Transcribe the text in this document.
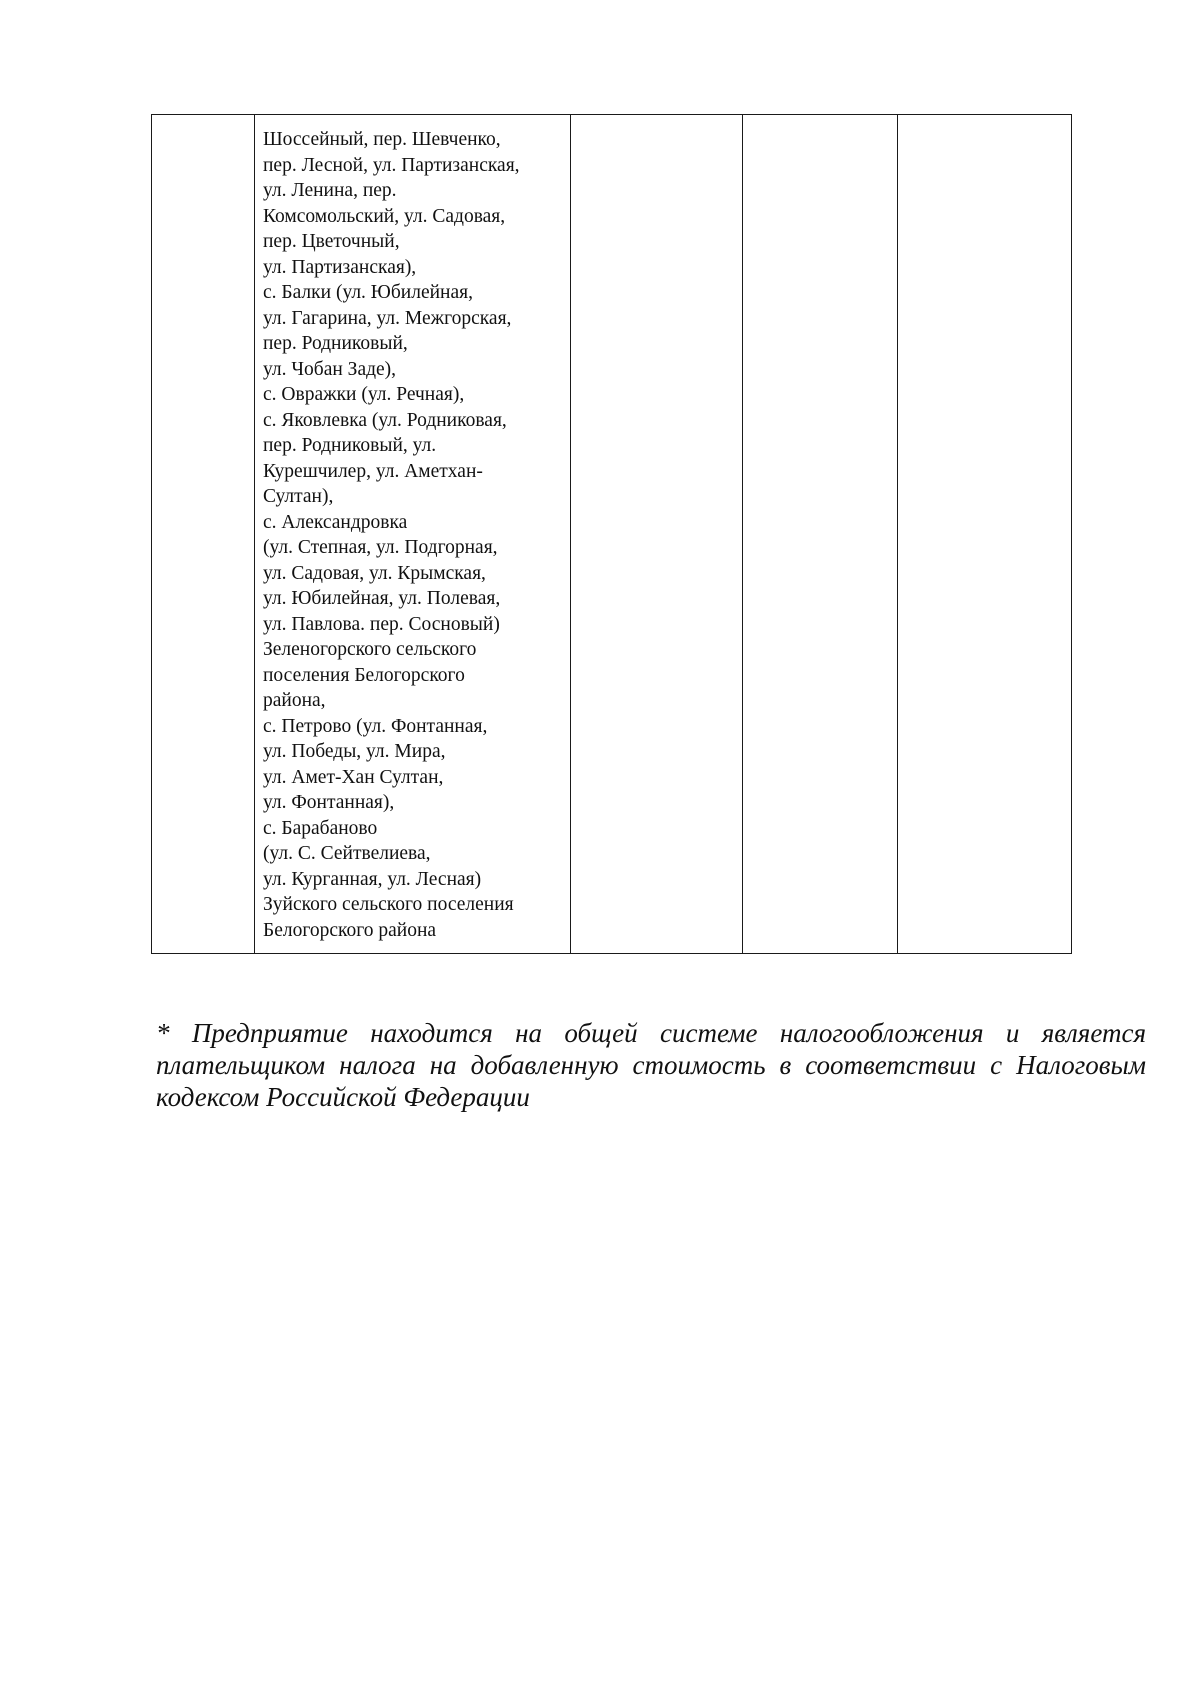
Шоссейный, пер. Шевченко,
пер. Лесной, ул. Партизанская,
ул. Ленина, пер.
Комсомольский, ул. Садовая,
пер. Цветочный,
ул. Партизанская),
с. Балки (ул. Юбилейная,
ул. Гагарина, ул. Межгорская,
пер. Родниковый,
ул. Чобан Заде),
с. Овражки (ул. Речная),
с. Яковлевка (ул. Родниковая,
пер. Родниковый, ул.
Курешчилер, ул. Аметхан-
Султан),
с. Александровка
(ул. Степная, ул. Подгорная,
ул. Садовая, ул. Крымская,
ул. Юбилейная, ул. Полевая,
ул. Павлова. пер. Сосновый)
Зеленогорского сельского
поселения Белогорского
района,
с. Петрово (ул. Фонтанная,
ул. Победы, ул. Мира,
ул. Амет-Хан Султан,
ул. Фонтанная),
с. Барабаново
(ул. С. Сейтвелиева,
ул. Курганная, ул. Лесная)
Зуйского сельского поселения
Белогорского района

* Предприятие находится на общей системе налогообложения и является
плательщиком налога на добавленную стоимость в соответствии с Налоговым
кодексом Российской Федерации
